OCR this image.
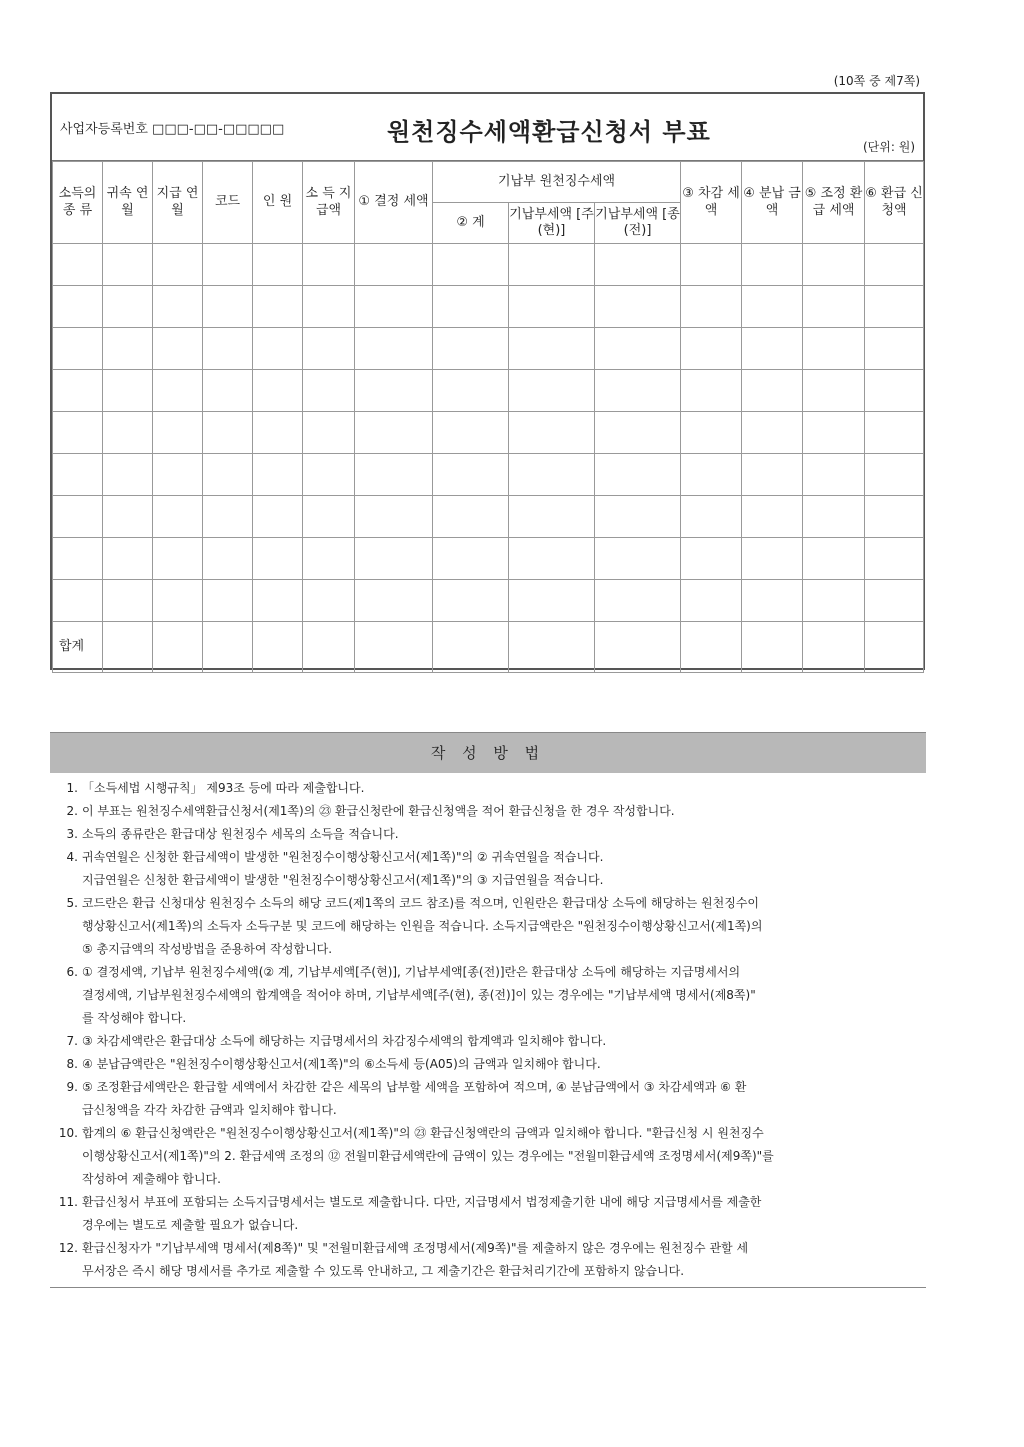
(10쪽 중 제7쪽)
사업자등록번호 □□□-□□-□□□□□	원천징수세액환급신청서 부표
(단위: 원)
소득의 종 류	귀속 연월	지급 연월	코드	인 원	소 득 지급액	① 결정 세액	기납부 원천징수세액			③ 차감 세액	④ 분납 금액	⑤ 조정 환급 세액	⑥ 환급 신청액
							② 계	기납부세액 [주(현)]	기납부세액 [종(전)]				

합계													
작 성 방 법
1. 「소득세법 시행규칙」 제93조 등에 따라 제출합니다.
2. 이 부표는 원천징수세액환급신청서(제1쪽)의 ㉓ 환급신청란에 환급신청액을 적어 환급신청을 한 경우 작성합니다.
3. 소득의 종류란은 환급대상 원천징수 세목의 소득을 적습니다.
4. 귀속연월은 신청한 환급세액이 발생한 "원천징수이행상황신고서(제1쪽)"의 ② 귀속연월을 적습니다.
지급연월은 신청한 환급세액이 발생한 "원천징수이행상황신고서(제1쪽)"의 ③ 지급연월을 적습니다.
5. 코드란은 환급 신청대상 원천징수 소득의 해당 코드(제1쪽의 코드 참조)를 적으며, 인원란은 환급대상 소득에 해당하는 원천징수이
행상황신고서(제1쪽)의 소득자 소득구분 및 코드에 해당하는 인원을 적습니다. 소득지급액란은 "원천징수이행상황신고서(제1쪽)의
⑤ 총지급액의 작성방법을 준용하여 작성합니다.
6. ① 결정세액, 기납부 원천징수세액(② 계, 기납부세액[주(현)], 기납부세액[종(전)]란은 환급대상 소득에 해당하는 지급명세서의
결정세액, 기납부원천징수세액의 합계액을 적어야 하며, 기납부세액[주(현), 종(전)]이 있는 경우에는 "기납부세액 명세서(제8쪽)"
를 작성해야 합니다.
7. ③ 차감세액란은 환급대상 소득에 해당하는 지급명세서의 차감징수세액의 합계액과 일치해야 합니다.
8. ④ 분납금액란은 "원천징수이행상황신고서(제1쪽)"의 ⑥소득세 등(A05)의 금액과 일치해야 합니다.
9. ⑤ 조정환급세액란은 환급할 세액에서 차감한 같은 세목의 납부할 세액을 포함하여 적으며, ④ 분납금액에서 ③ 차감세액과 ⑥ 환
급신청액을 각각 차감한 금액과 일치해야 합니다.
10. 합계의 ⑥ 환급신청액란은 "원천징수이행상황신고서(제1쪽)"의 ㉓ 환급신청액란의 금액과 일치해야 합니다. "환급신청 시 원천징수
이행상황신고서(제1쪽)"의 2. 환급세액 조정의 ⑫ 전월미환급세액란에 금액이 있는 경우에는 "전월미환급세액 조정명세서(제9쪽)"를
작성하여 제출해야 합니다.
11. 환급신청서 부표에 포함되는 소득지급명세서는 별도로 제출합니다. 다만, 지급명세서 법정제출기한 내에 해당 지급명세서를 제출한
경우에는 별도로 제출할 필요가 없습니다.
12. 환급신청자가 "기납부세액 명세서(제8쪽)" 및 "전월미환급세액 조정명세서(제9쪽)"를 제출하지 않은 경우에는 원천징수 관할 세
무서장은 즉시 해당 명세서를 추가로 제출할 수 있도록 안내하고, 그 제출기간은 환급처리기간에 포함하지 않습니다.
